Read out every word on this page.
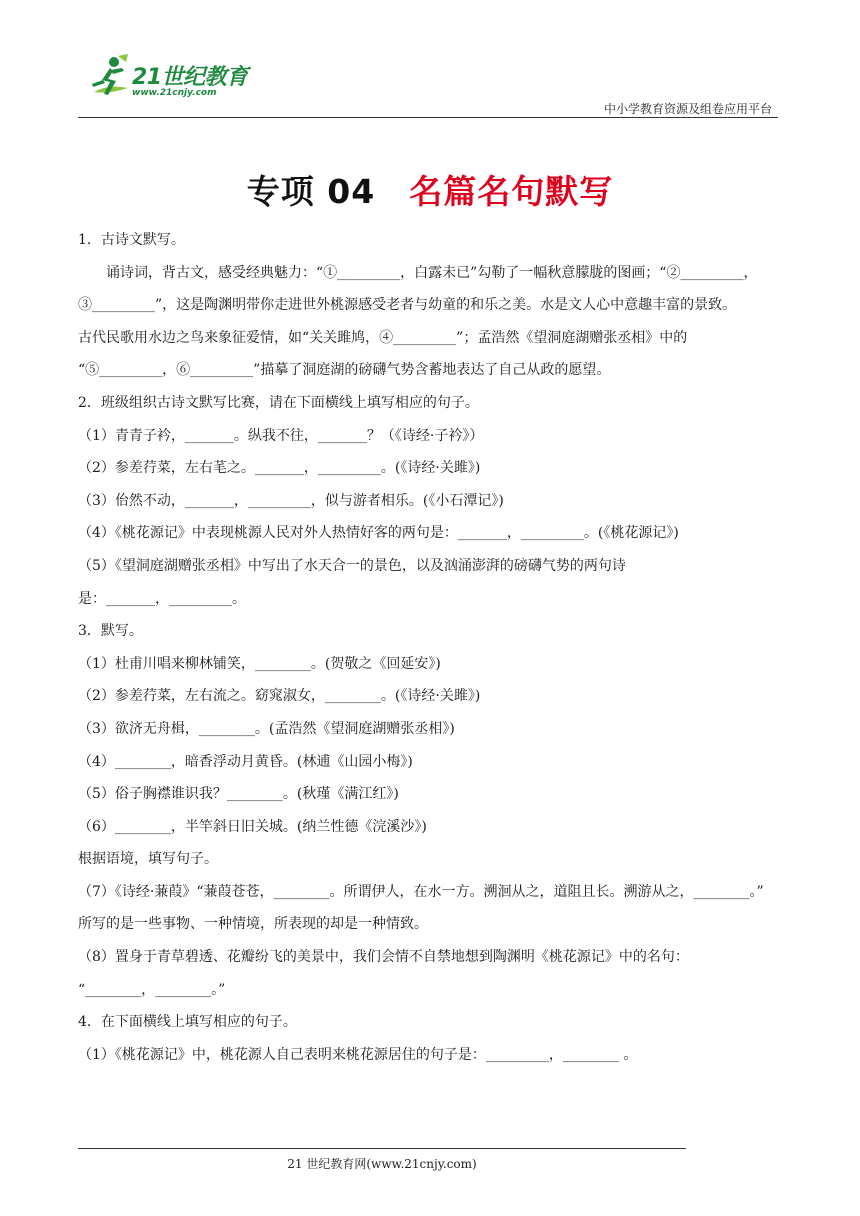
21世纪教育
www.21cnjy.com
中小学教育资源及组卷应用平台
专项 04 名篇名句默写
1．古诗文默写。
诵诗词，背古文，感受经典魅力：“①_________，白露未已”勾勒了一幅秋意朦胧的图画；“②_________，
③_________”，这是陶渊明带你走进世外桃源感受老者与幼童的和乐之美。水是文人心中意趣丰富的景致。
古代民歌用水边之鸟来象征爱情，如“关关雎鸠，④_________”；孟浩然《望洞庭湖赠张丞相》中的
“⑤_________，⑥_________”描摹了洞庭湖的磅礴气势含蓄地表达了自己从政的愿望。
2．班级组织古诗文默写比赛，请在下面横线上填写相应的句子。
（1）青青子衿，_______。纵我不往，_______？（《诗经·子衿》）
（2）参差荇菜，左右芼之。_______，_________。(《诗经·关雎》)
（3）佁然不动，_______，_________，似与游者相乐。(《小石潭记》)
（4）《桃花源记》中表现桃源人民对外人热情好客的两句是：_______，_________。(《桃花源记》)
（5）《望洞庭湖赠张丞相》中写出了水天合一的景色，以及汹涌澎湃的磅礴气势的两句诗
是：_______，_________。
3．默写。
（1）杜甫川唱来柳林铺笑，________。(贺敬之《回延安》)
（2）参差荇菜，左右流之。窈窕淑女，________。(《诗经·关雎》)
（3）欲济无舟楫，________。(孟浩然《望洞庭湖赠张丞相》)
（4）________，暗香浮动月黄昏。(林逋《山园小梅》)
（5）俗子胸襟谁识我？________。(秋瑾《满江红》)
（6）________，半竿斜日旧关城。(纳兰性德《浣溪沙》)
根据语境，填写句子。
（7）《诗经·蒹葭》“蒹葭苍苍，________。所谓伊人，在水一方。溯洄从之，道阻且长。溯游从之，________。”
所写的是一些事物、一种情境，所表现的却是一种情致。
（8）置身于青草碧透、花瓣纷飞的美景中，我们会情不自禁地想到陶渊明《桃花源记》中的名句：
“________，________。”
4．在下面横线上填写相应的句子。
（1）《桃花源记》中，桃花源人自己表明来桃花源居住的句子是：_________，________ 。
21 世纪教育网(www.21cnjy.com)
